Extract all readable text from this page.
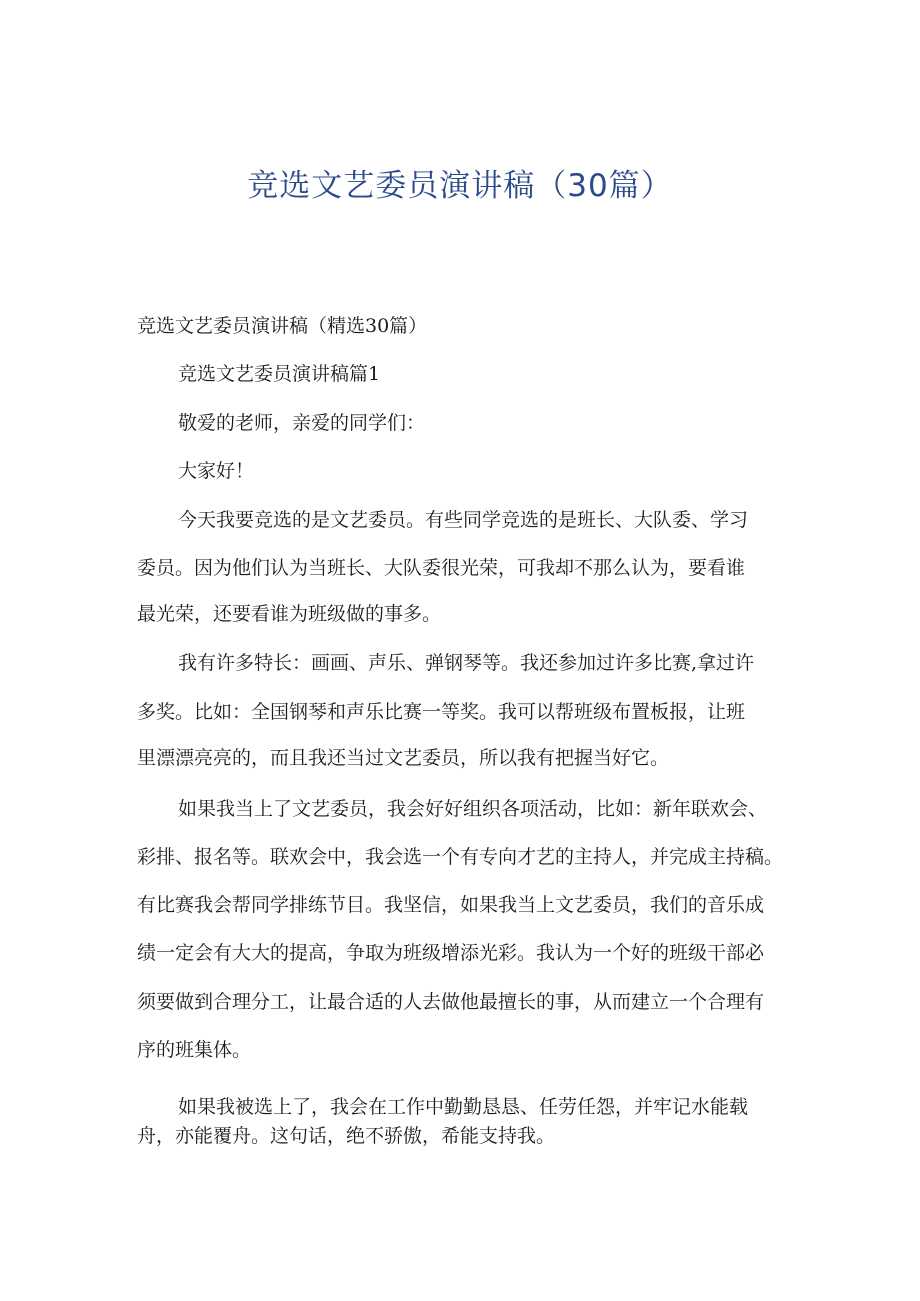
竞选文艺委员演讲稿（30篇）

竞选文艺委员演讲稿（精选30篇）

竞选文艺委员演讲稿篇1

敬爱的老师，亲爱的同学们：

大家好！

今天我要竞选的是文艺委员。有些同学竞选的是班长、大队委、学习

委员。因为他们认为当班长、大队委很光荣，可我却不那么认为，要看谁

最光荣，还要看谁为班级做的事多。

我有许多特长：画画、声乐、弹钢琴等。我还参加过许多比赛,拿过许

多奖。比如：全国钢琴和声乐比赛一等奖。我可以帮班级布置板报，让班

里漂漂亮亮的，而且我还当过文艺委员，所以我有把握当好它。

如果我当上了文艺委员，我会好好组织各项活动，比如：新年联欢会、

彩排、报名等。联欢会中，我会选一个有专向才艺的主持人，并完成主持稿。

有比赛我会帮同学排练节目。我坚信，如果我当上文艺委员，我们的音乐成

绩一定会有大大的提高，争取为班级增添光彩。我认为一个好的班级干部必

须要做到合理分工，让最合适的人去做他最擅长的事，从而建立一个合理有

序的班集体。

如果我被选上了，我会在工作中勤勤恳恳、任劳任怨，并牢记水能载

舟，亦能覆舟。这句话，绝不骄傲，希能支持我。
